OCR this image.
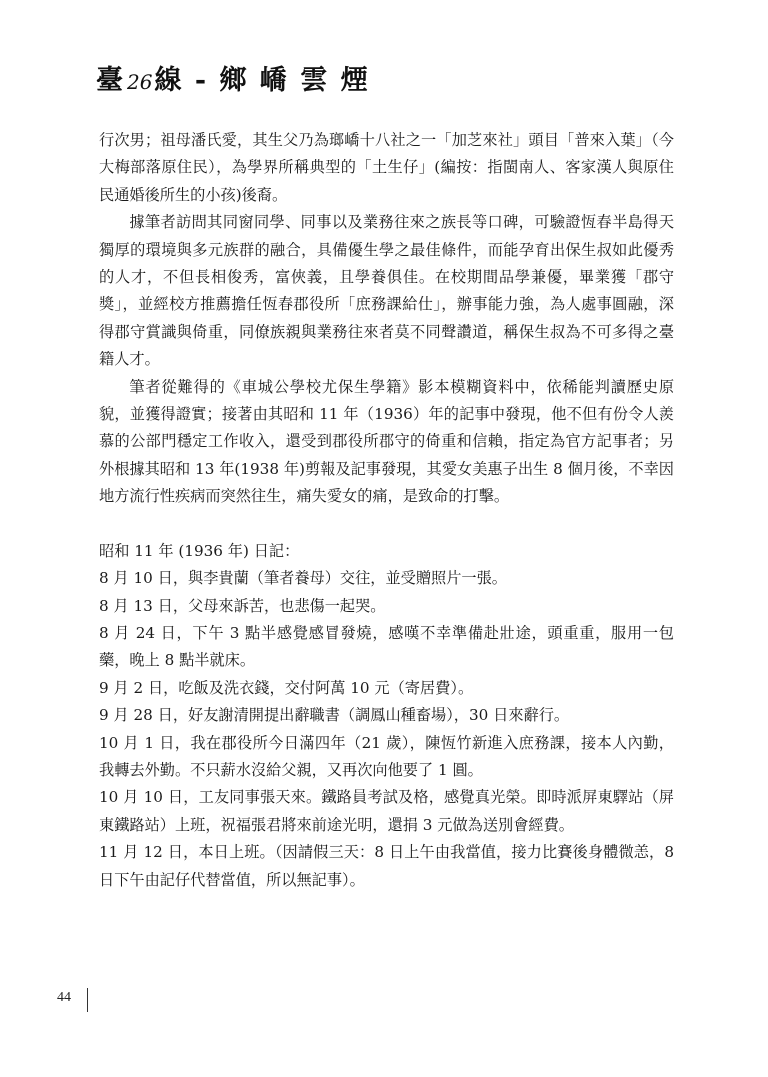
臺 26線 - 鄉 嶠 雲 煙

行次男；祖母潘氏愛，其生父乃為瑯嶠十八社之一「加芝來社」頭目「普來入葉」（今大梅部落原住民），為學界所稱典型的「土生仔」(編按：指閩南人、客家漢人與原住民通婚後所生的小孩)後裔。

據筆者訪問其同窗同學、同事以及業務往來之族長等口碑，可驗證恆春半島得天獨厚的環境與多元族群的融合，具備優生學之最佳條件，而能孕育出保生叔如此優秀的人才，不但長相俊秀，富俠義，且學養俱佳。在校期間品學兼優，畢業獲「郡守獎」，並經校方推薦擔任恆春郡役所「庶務課給仕」，辦事能力強，為人處事圓融，深得郡守賞識與倚重，同僚族親與業務往來者莫不同聲讚道，稱保生叔為不可多得之臺籍人才。

筆者從難得的《車城公學校尤保生學籍》影本模糊資料中，依稀能判讀歷史原貌，並獲得證實；接著由其昭和 11 年（1936）年的記事中發現，他不但有份令人羨慕的公部門穩定工作收入，還受到郡役所郡守的倚重和信賴，指定為官方記事者；另外根據其昭和 13 年(1938 年)剪報及記事發現，其愛女美惠子出生 8 個月後，不幸因地方流行性疾病而突然往生，痛失愛女的痛，是致命的打擊。

昭和 11 年 (1936 年) 日記：

8 月 10 日，與李貴蘭（筆者養母）交往，並受贈照片一張。

8 月 13 日，父母來訴苦，也悲傷一起哭。

8 月 24 日，下午 3 點半感覺感冒發燒，感嘆不幸準備赴壯途，頭重重，服用一包藥，晚上 8 點半就床。

9 月 2 日，吃飯及洗衣錢，交付阿萬 10 元（寄居費）。

9 月 28 日，好友謝清開提出辭職書（調鳳山種畜場），30 日來辭行。

10 月 1 日，我在郡役所今日滿四年（21 歲），陳恆竹新進入庶務課，接本人內勤，我轉去外勤。不只薪水沒給父親，又再次向他要了 1 圓。

10 月 10 日，工友同事張天來。鐵路員考試及格，感覺真光榮。即時派屏東驛站（屏東鐵路站）上班，祝福張君將來前途光明，還捐 3 元做為送別會經費。

11 月 12 日，本日上班。（因請假三天：8 日上午由我當值，接力比賽後身體微恙，8 日下午由記仔代替當值，所以無記事）。

44
